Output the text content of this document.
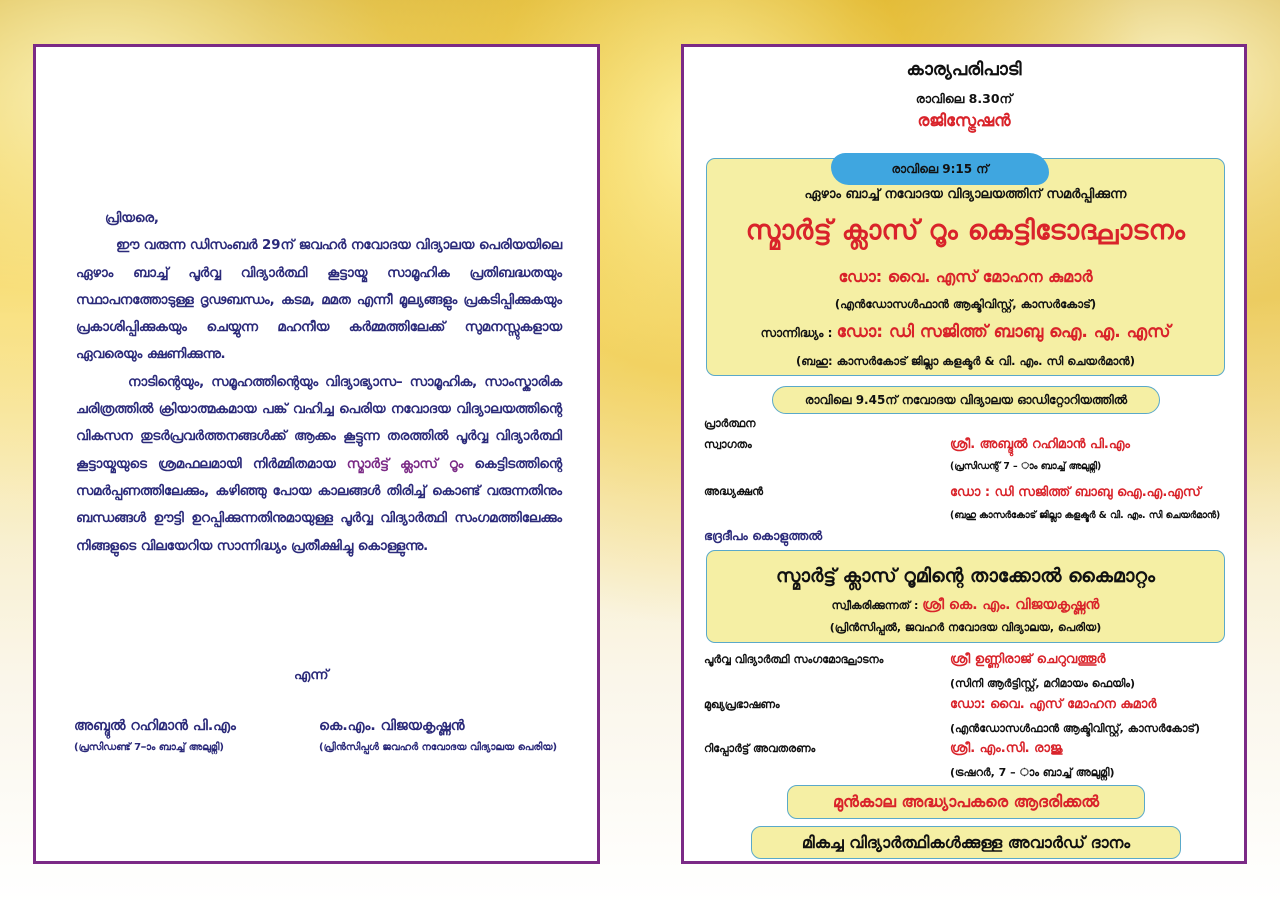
പ്രിയരെ,

ഈ വരുന്ന ഡിസംബർ 29ന് ജവഹർ നവോദയ വിദ്യാലയ പെരിയയിലെ ഏഴാം ബാച്ച് പൂർവ്വ വിദ്യാർത്ഥി കൂട്ടായ്മ സാമൂഹിക പ്രതിബദ്ധതയും സ്ഥാപനത്തോടുള്ള ദൃഢബന്ധം, കടമ, മമത എന്നീ മൂല്യങ്ങളും പ്രകടിപ്പിക്കുകയും പ്രകാശിപ്പിക്കുകയും ചെയ്യുന്ന മഹനീയ കർമ്മത്തിലേക്ക് സുമനസ്സുകളായ ഏവരെയും ക്ഷണിക്കുന്നു.

നാടിന്റെയും, സമൂഹത്തിന്റെയും വിദ്യാഭ്യാസ– സാമൂഹിക, സാംസ്കാരിക ചരിത്രത്തിൽ ക്രിയാത്മകമായ പങ്ക് വഹിച്ച പെരിയ നവോദയ വിദ്യാലയത്തിന്റെ വികസന തുടർപ്രവർത്തനങ്ങൾക്ക് ആക്കം കൂട്ടുന്ന തരത്തിൽ പൂർവ്വ വിദ്യാർത്ഥി കൂട്ടായ്മയുടെ ശ്രമഫലമായി നിർമ്മിതമായ സ്മാർട്ട് ക്ലാസ് റൂം കെട്ടിടത്തിന്റെ സമർപ്പണത്തിലേക്കും, കഴിഞ്ഞു പോയ കാലങ്ങൾ തിരിച്ച് കൊണ്ട് വരുന്നതിനും ബന്ധങ്ങൾ ഊട്ടി ഉറപ്പിക്കുന്നതിനുമായുള്ള പൂർവ്വ വിദ്യാർത്ഥി സംഗമത്തിലേക്കും നിങ്ങളുടെ വിലയേറിയ സാന്നിദ്ധ്യം പ്രതീക്ഷിച്ചു കൊള്ളുന്നു.

എന്ന്
അബ്ദുൽ റഹിമാൻ പി.എം
(പ്രസിഡണ്ട് 7–ാം ബാച്ച് അലുമ്നി)
കെ.എം. വിജയകൃഷ്ണൻ
(പ്രിൻസിപ്പൾ ജവഹർ നവോദയ വിദ്യാലയ പെരിയ)
കാര്യപരിപാടി
രാവിലെ 8.30ന്
രജിസ്ട്രേഷൻ
രാവിലെ 9:15 ന്
ഏഴാം ബാച്ച് നവോദയ വിദ്യാലയത്തിന് സമർപ്പിക്കുന്ന
സ്മാർട്ട് ക്ലാസ് റൂം കെട്ടിടോദ്ഘാടനം
ഡോ: വൈ. എസ് മോഹന കുമാർ
(എൻഡോസൾഫാൻ ആക്ടിവിസ്റ്റ്, കാസർകോട്)
സാന്നിദ്ധ്യം : ഡോ: ഡി സജിത്ത് ബാബു ഐ. എ. എസ്
(ബഹു: കാസർകോട് ജില്ലാ കളക്ടർ & വി. എം. സി ചെയർമാൻ)
രാവിലെ 9.45ന് നവോദയ വിദ്യാലയ ഓഡിറ്റോറിയത്തിൽ
പ്രാർത്ഥന
സ്വാഗതം	ശ്രീ. അബ്ദുൽ റഹിമാൻ പി.എം
(പ്രസിഡന്റ് 7 – ാം ബാച്ച് അലുമ്നി)
അദ്ധ്യക്ഷൻ	ഡോ : ഡി സജിത്ത് ബാബു ഐ.എ.എസ്
(ബഹു കാസർകോട് ജില്ലാ കളക്ടർ & വി. എം. സി ചെയർമാൻ)
ഭദ്രദീപം കൊളുത്തൽ
സ്മാർട്ട് ക്ലാസ് റൂമിന്റെ താക്കോൽ കൈമാറ്റം
സ്വീകരിക്കുന്നത് : ശ്രീ കെ. എം. വിജയകൃഷ്ണൻ
(പ്രിൻസിപ്പൽ, ജവഹർ നവോദയ വിദ്യാലയ, പെരിയ)
പൂർവ്വ വിദ്യാർത്ഥി സംഗമോദ്ഘാടനം	ശ്രീ ഉണ്ണിരാജ് ചെറുവത്തൂർ
(സിനി ആർട്ടിസ്റ്റ്, മറിമായം ഫെയിം)
മുഖ്യപ്രഭാഷണം	ഡോ: വൈ. എസ് മോഹന കുമാർ
(എൻഡോസൾഫാൻ ആക്ടിവിസ്റ്റ്, കാസർകോട്)
റിപ്പോർട്ട് അവതരണം	ശ്രീ. എം.സി. രാജു
(ട്രഷറർ, 7 – ാം ബാച്ച് അലുമ്നി)
മുൻകാല അദ്ധ്യാപകരെ ആദരിക്കൽ
മികച്ച വിദ്യാർത്ഥികൾക്കുള്ള അവാർഡ് ദാനം
